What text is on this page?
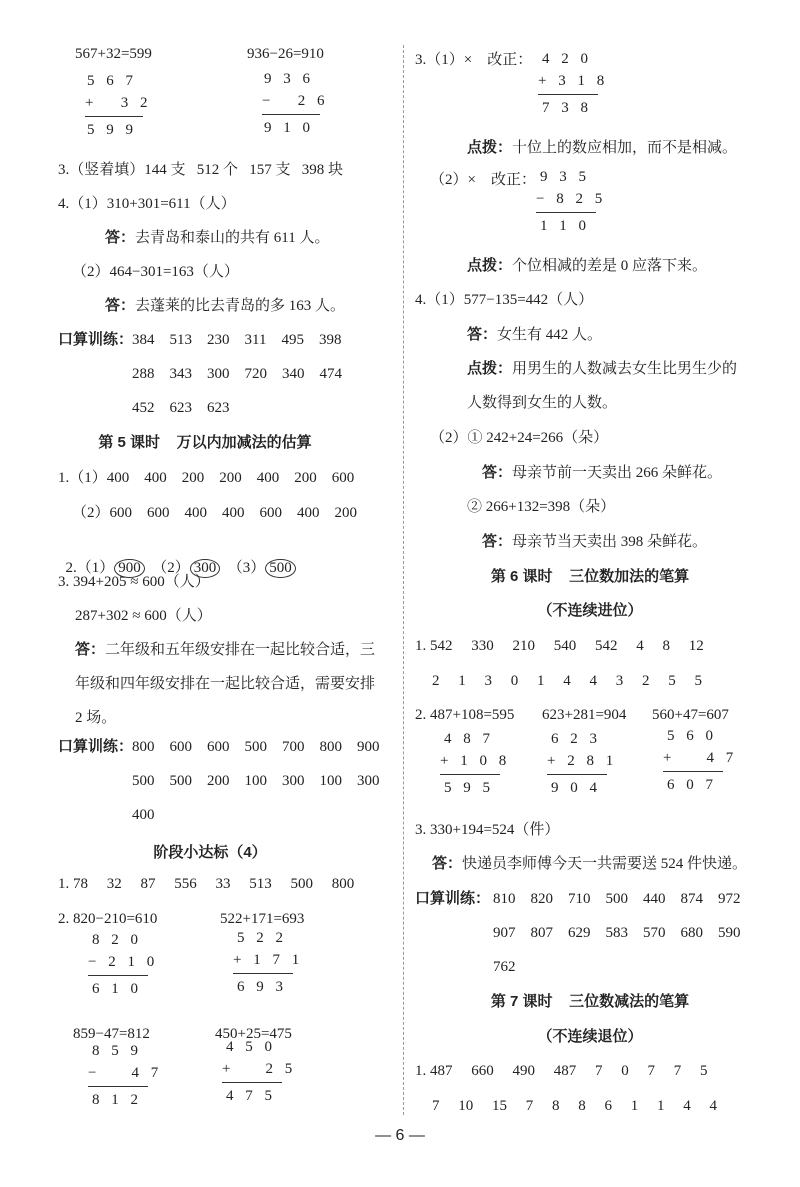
567+32=599	936−26=910
5 6 7
+   3 2
5 9 9
9 3 6
−   2 6
9 1 0
3.（竖着填）144 支   512 个   157 支   398 块
4.（1）310+301=611（人）
答：去青岛和泰山的共有 611 人。
（2）464−301=163（人）
答：去蓬莱的比去青岛的多 163 人。
口算训练：
384    513    230    311    495    398
288    343    300    720    340    474
452    623    623
第 5 课时    万以内加减法的估算
1.（1）400    400    200    200    400    200    600
（2）600    600    400    400    600    400    200

2.（1） 900 （2） 300 （3） 500

3. 394+205 ≈ 600（人）
287+302 ≈ 600（人）
答：二年级和五年级安排在一起比较合适，三
年级和四年级安排在一起比较合适，需要安排
2 场。
口算训练：
800    600    600    500    700    800    900
500    500    200    100    300    100    300
400
阶段小达标（4）
1. 78     32     87     556     33     513     500     800
2. 820−210=610	522+171=693
8 2 0
− 2 1 0
6 1 0
5 2 2
+ 1 7 1
6 9 3
859−47=812	450+25=475
8 5 9
−    4 7
8 1 2
4 5 0
+    2 5
4 7 5
3.（1）×    改正： 4 2 0
+ 3 1 8
7 3 8
点拨：十位上的数应相加，而不是相减。
（2）×    改正： 9 3 5
− 8 2 5
1 1 0
点拨：个位相减的差是 0 应落下来。
4.（1）577−135=442（人）
答：女生有 442 人。
点拨：用男生的人数减去女生比男生少的
人数得到女生的人数。
（2）① 242+24=266（朵）
答：母亲节前一天卖出 266 朵鲜花。
② 266+132=398（朵）
答：母亲节当天卖出 398 朵鲜花。
第 6 课时    三位数加法的笔算
（不连续进位）
1. 542     330     210     540     542     4     8     12
2     1     3     0     1     4     4     3     2     5     5
2. 487+108=595 623+281=904 560+47=607
4 8 7
+ 1 0 8
5 9 5
6 2 3
+ 2 8 1
9 0 4
5 6 0
+    4 7
6 0 7
3. 330+194=524（件）
答：快递员李师傅今天一共需要送 524 件快递。
口算训练： 810    820    710    500    440    874    972
907    807    629    583    570    680    590
762
第 7 课时    三位数减法的笔算
（不连续退位）
1. 487     660     490     487     7     0     7     7     5
7     10     15     7     8     8     6     1     1     4     4
— 6 —
